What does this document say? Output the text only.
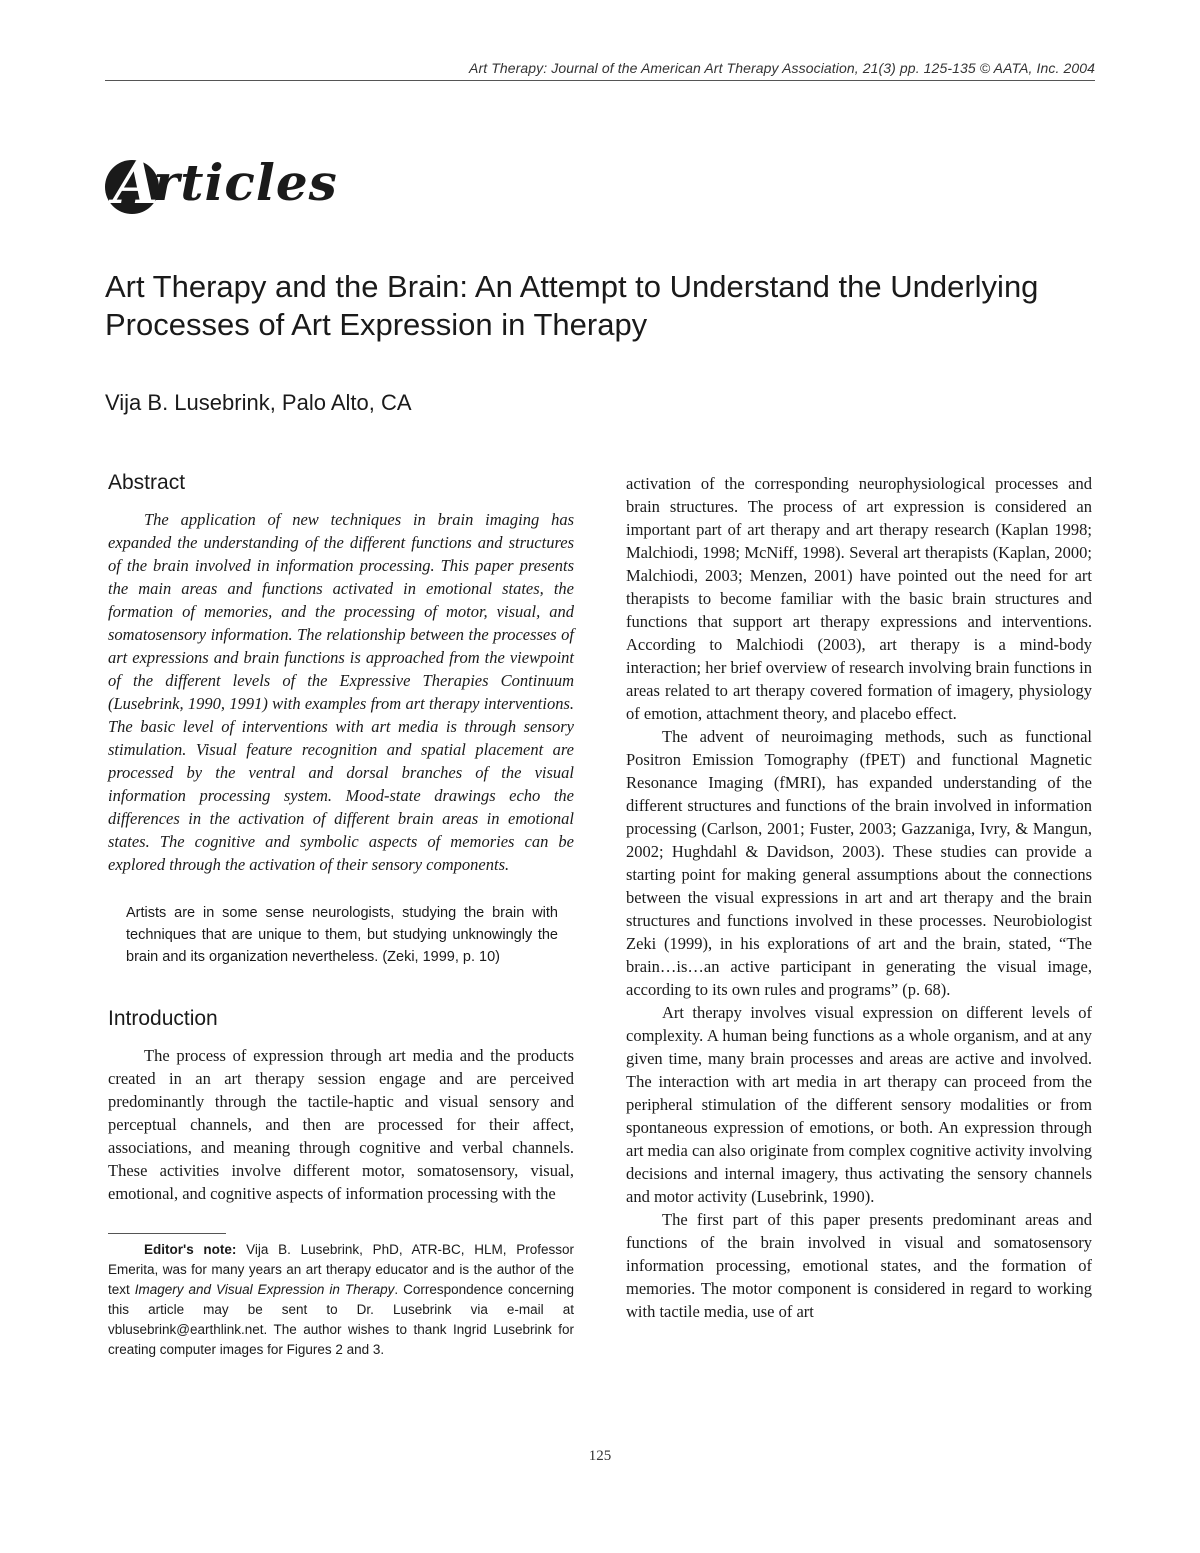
Art Therapy: Journal of the American Art Therapy Association, 21(3) pp. 125-135 © AATA, Inc. 2004
A
rticles
Art Therapy and the Brain: An Attempt to Understand the Underlying Processes of Art Expression in Therapy
Vija B. Lusebrink, Palo Alto, CA
Abstract

The application of new techniques in brain imaging has expanded the understanding of the different functions and structures of the brain involved in information processing. This paper presents the main areas and functions activated in emotional states, the formation of memories, and the processing of motor, visual, and somatosensory information. The relationship between the processes of art expressions and brain functions is approached from the viewpoint of the different levels of the Expressive Therapies Continuum (Lusebrink, 1990, 1991) with examples from art therapy interventions. The basic level of interventions with art media is through sensory stimulation. Visual feature recognition and spatial placement are processed by the ventral and dorsal branches of the visual information processing system. Mood-state drawings echo the differences in the activation of different brain areas in emotional states. The cognitive and symbolic aspects of memories can be explored through the activation of their sensory components.

Artists are in some sense neurologists, studying the brain with techniques that are unique to them, but studying unknowingly the brain and its organization nevertheless. (Zeki, 1999, p. 10)

Introduction

The process of expression through art media and the products created in an art therapy session engage and are perceived predominantly through the tactile-haptic and visual sensory and perceptual channels, and then are processed for their affect, associations, and meaning through cognitive and verbal channels. These activities involve different motor, somatosensory, visual, emotional, and cognitive aspects of information processing with the

Editor's note: Vija B. Lusebrink, PhD, ATR-BC, HLM, Professor Emerita, was for many years an art therapy educator and is the author of the text Imagery and Visual Expression in Therapy. Correspondence concerning this article may be sent to Dr. Lusebrink via e-mail at vblusebrink@earthlink.net. The author wishes to thank Ingrid Lusebrink for creating computer images for Figures 2 and 3.

activation of the corresponding neurophysiological processes and brain structures. The process of art expression is considered an important part of art therapy and art therapy research (Kaplan 1998; Malchiodi, 1998; McNiff, 1998). Several art therapists (Kaplan, 2000; Malchiodi, 2003; Menzen, 2001) have pointed out the need for art therapists to become familiar with the basic brain structures and functions that support art therapy expressions and interventions. According to Malchiodi (2003), art therapy is a mind-body interaction; her brief overview of research involving brain functions in areas related to art therapy covered formation of imagery, physiology of emotion, attachment theory, and placebo effect.

The advent of neuroimaging methods, such as functional Positron Emission Tomography (fPET) and functional Magnetic Resonance Imaging (fMRI), has expanded understanding of the different structures and functions of the brain involved in information processing (Carlson, 2001; Fuster, 2003; Gazzaniga, Ivry, & Mangun, 2002; Hughdahl & Davidson, 2003). These studies can provide a starting point for making general assumptions about the connections between the visual expressions in art and art therapy and the brain structures and functions involved in these processes. Neurobiologist Zeki (1999), in his explorations of art and the brain, stated, “The brain…is…an active participant in generating the visual image, according to its own rules and programs” (p. 68).

Art therapy involves visual expression on different levels of complexity. A human being functions as a whole organism, and at any given time, many brain processes and areas are active and involved. The interaction with art media in art therapy can proceed from the peripheral stimulation of the different sensory modalities or from spontaneous expression of emotions, or both. An expression through art media can also originate from complex cognitive activity involving decisions and internal imagery, thus activating the sensory channels and motor activity (Lusebrink, 1990).

The first part of this paper presents predominant areas and functions of the brain involved in visual and somatosensory information processing, emotional states, and the formation of memories. The motor component is considered in regard to working with tactile media, use of art

125
